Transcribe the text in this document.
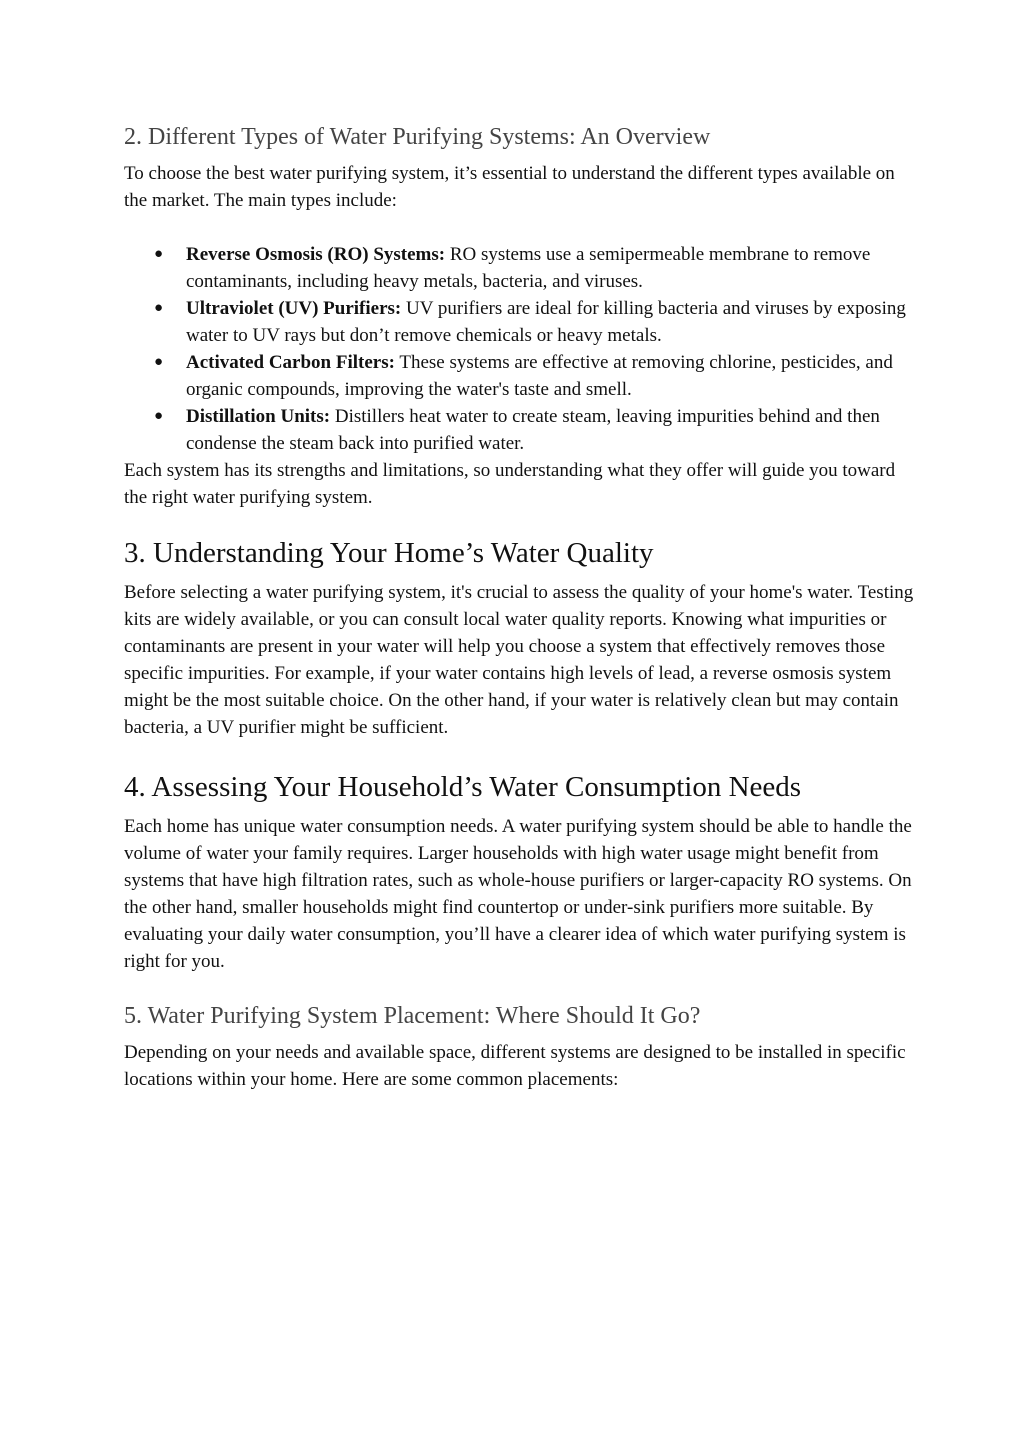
2. Different Types of Water Purifying Systems: An Overview

To choose the best water purifying system, it’s essential to understand the different types available on the market. The main types include:

● Reverse Osmosis (RO) Systems: RO systems use a semipermeable membrane to remove contaminants, including heavy metals, bacteria, and viruses.
● Ultraviolet (UV) Purifiers: UV purifiers are ideal for killing bacteria and viruses by exposing water to UV rays but don’t remove chemicals or heavy metals.
● Activated Carbon Filters: These systems are effective at removing chlorine, pesticides, and organic compounds, improving the water's taste and smell.
● Distillation Units: Distillers heat water to create steam, leaving impurities behind and then condense the steam back into purified water.

Each system has its strengths and limitations, so understanding what they offer will guide you toward the right water purifying system.

3. Understanding Your Home’s Water Quality

Before selecting a water purifying system, it's crucial to assess the quality of your home's water. Testing kits are widely available, or you can consult local water quality reports. Knowing what impurities or contaminants are present in your water will help you choose a system that effectively removes those specific impurities. For example, if your water contains high levels of lead, a reverse osmosis system might be the most suitable choice. On the other hand, if your water is relatively clean but may contain bacteria, a UV purifier might be sufficient.

4. Assessing Your Household’s Water Consumption Needs

Each home has unique water consumption needs. A water purifying system should be able to handle the volume of water your family requires. Larger households with high water usage might benefit from systems that have high filtration rates, such as whole-house purifiers or larger-capacity RO systems. On the other hand, smaller households might find countertop or under-sink purifiers more suitable. By evaluating your daily water consumption, you’ll have a clearer idea of which water purifying system is right for you.

5. Water Purifying System Placement: Where Should It Go?

Depending on your needs and available space, different systems are designed to be installed in specific locations within your home. Here are some common placements:
